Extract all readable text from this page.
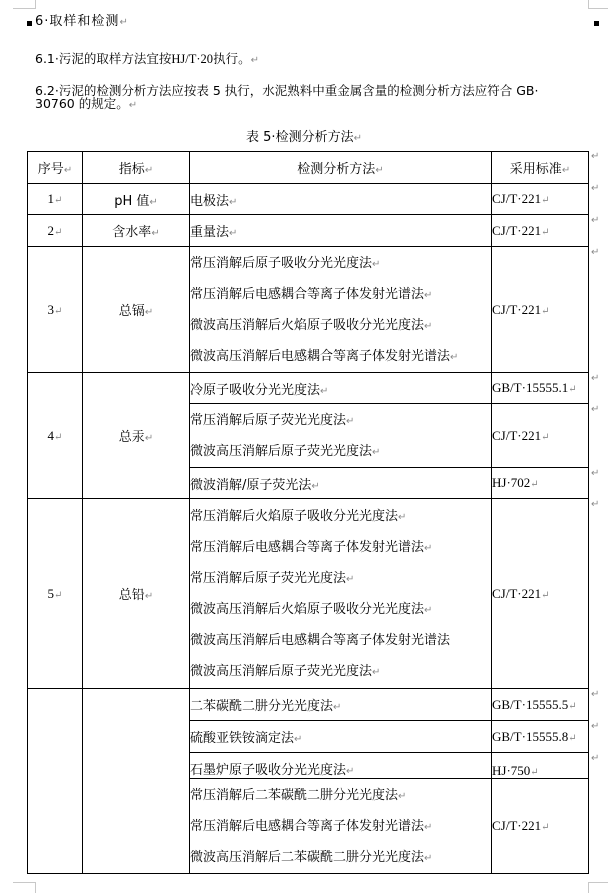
6·取样和检测↵
6.1·污泥的取样方法宜按HJ/T·20执行。↵
6.2·污泥的检测分析方法应按表 5 执行，水泥熟料中重金属含量的检测分析方法应符合 GB·
30760 的规定。↵
表 5·检测分析方法↵
序号↵	指标↵	检测分析方法↵	采用标准↵
1↵	pH 值↵	电极法↵	CJ/T·221↵
2↵	含水率↵	重量法↵	CJ/T·221↵
3↵	总镉↵	常压消解后原子吸收分光光度法↵
常压消解后电感耦合等离子体发射光谱法↵
微波高压消解后火焰原子吸收分光光度法↵
微波高压消解后电感耦合等离子体发射光谱法↵	CJ/T·221↵
4↵	总汞↵	冷原子吸收分光光度法↵	GB/T·15555.1↵

		常压消解后原子荧光光度法↵
微波高压消解后原子荧光光度法↵	CJ/T·221↵
		微波消解/原子荧光法↵	HJ·702↵
5↵	总铅↵	
常压消解后火焰原子吸收分光光度法↵
常压消解后电感耦合等离子体发射光谱法↵
常压消解后原子荧光光度法↵
微波高压消解后火焰原子吸收分光光度法↵
微波高压消解后电感耦合等离子体发射光谱法
微波高压消解后原子荧光光度法↵
	CJ/T·221↵
		二苯碳酰二肼分光光度法↵	GB/T·15555.5↵
		硫酸亚铁铵滴定法↵	GB/T·15555.8↵

		石墨炉原子吸收分光光度法↵	HJ·750↵

		常压消解后二苯碳酰二肼分光光度法↵
常压消解后电感耦合等离子体发射光谱法↵
微波高压消解后二苯碳酰二肼分光光度法↵	CJ/T·221↵
↵
↵
↵
↵
↵
↵
↵
↵
↵
↵
↵
